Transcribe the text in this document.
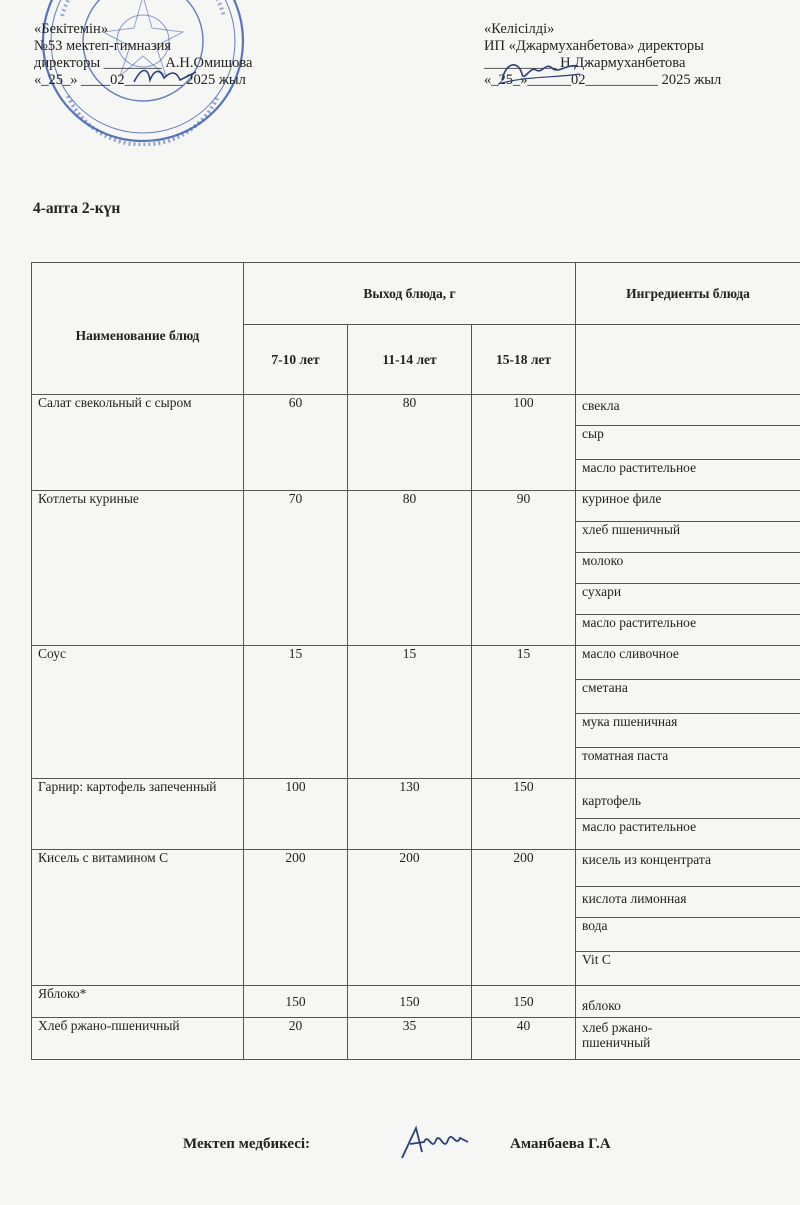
«Бекітемін»
№53 мектеп-гимназия
директоры ________ А.Н.Омишова
«_25_» ____02________ 2025 жыл
«Келісілді»
ИП «Джармуханбетова» директоры
__________ Н.Джармуханбетова
«_25_»______02__________ 2025 жыл
4-апта 2-күн
Наименование блюд	Выход блюда, г			Ингредиенты блюда
	7-10 лет	11-14 лет	15-18 лет	
Салат свекольный с сыром	60	80	100	свекла
				сыр
				масло растительное
Котлеты куриные	70	80	90	куриное филе
				хлеб пшеничный
				молоко
				сухари
				масло растительное
Соус	15	15	15	масло сливочное
				сметана
				мука пшеничная
				томатная паста
Гарнир: картофель запеченный	100	130	150	картофель
				масло растительное
Кисель с витамином С	200	200	200	кисель из концентрата
				кислота лимонная
				вода
				Vit C
Яблоко*	150	150	150	яблоко
Хлеб ржано-пшеничный	20	35	40	хлеб ржано-пшеничный
Мектеп медбикесі:	Аманбаева Г.А
